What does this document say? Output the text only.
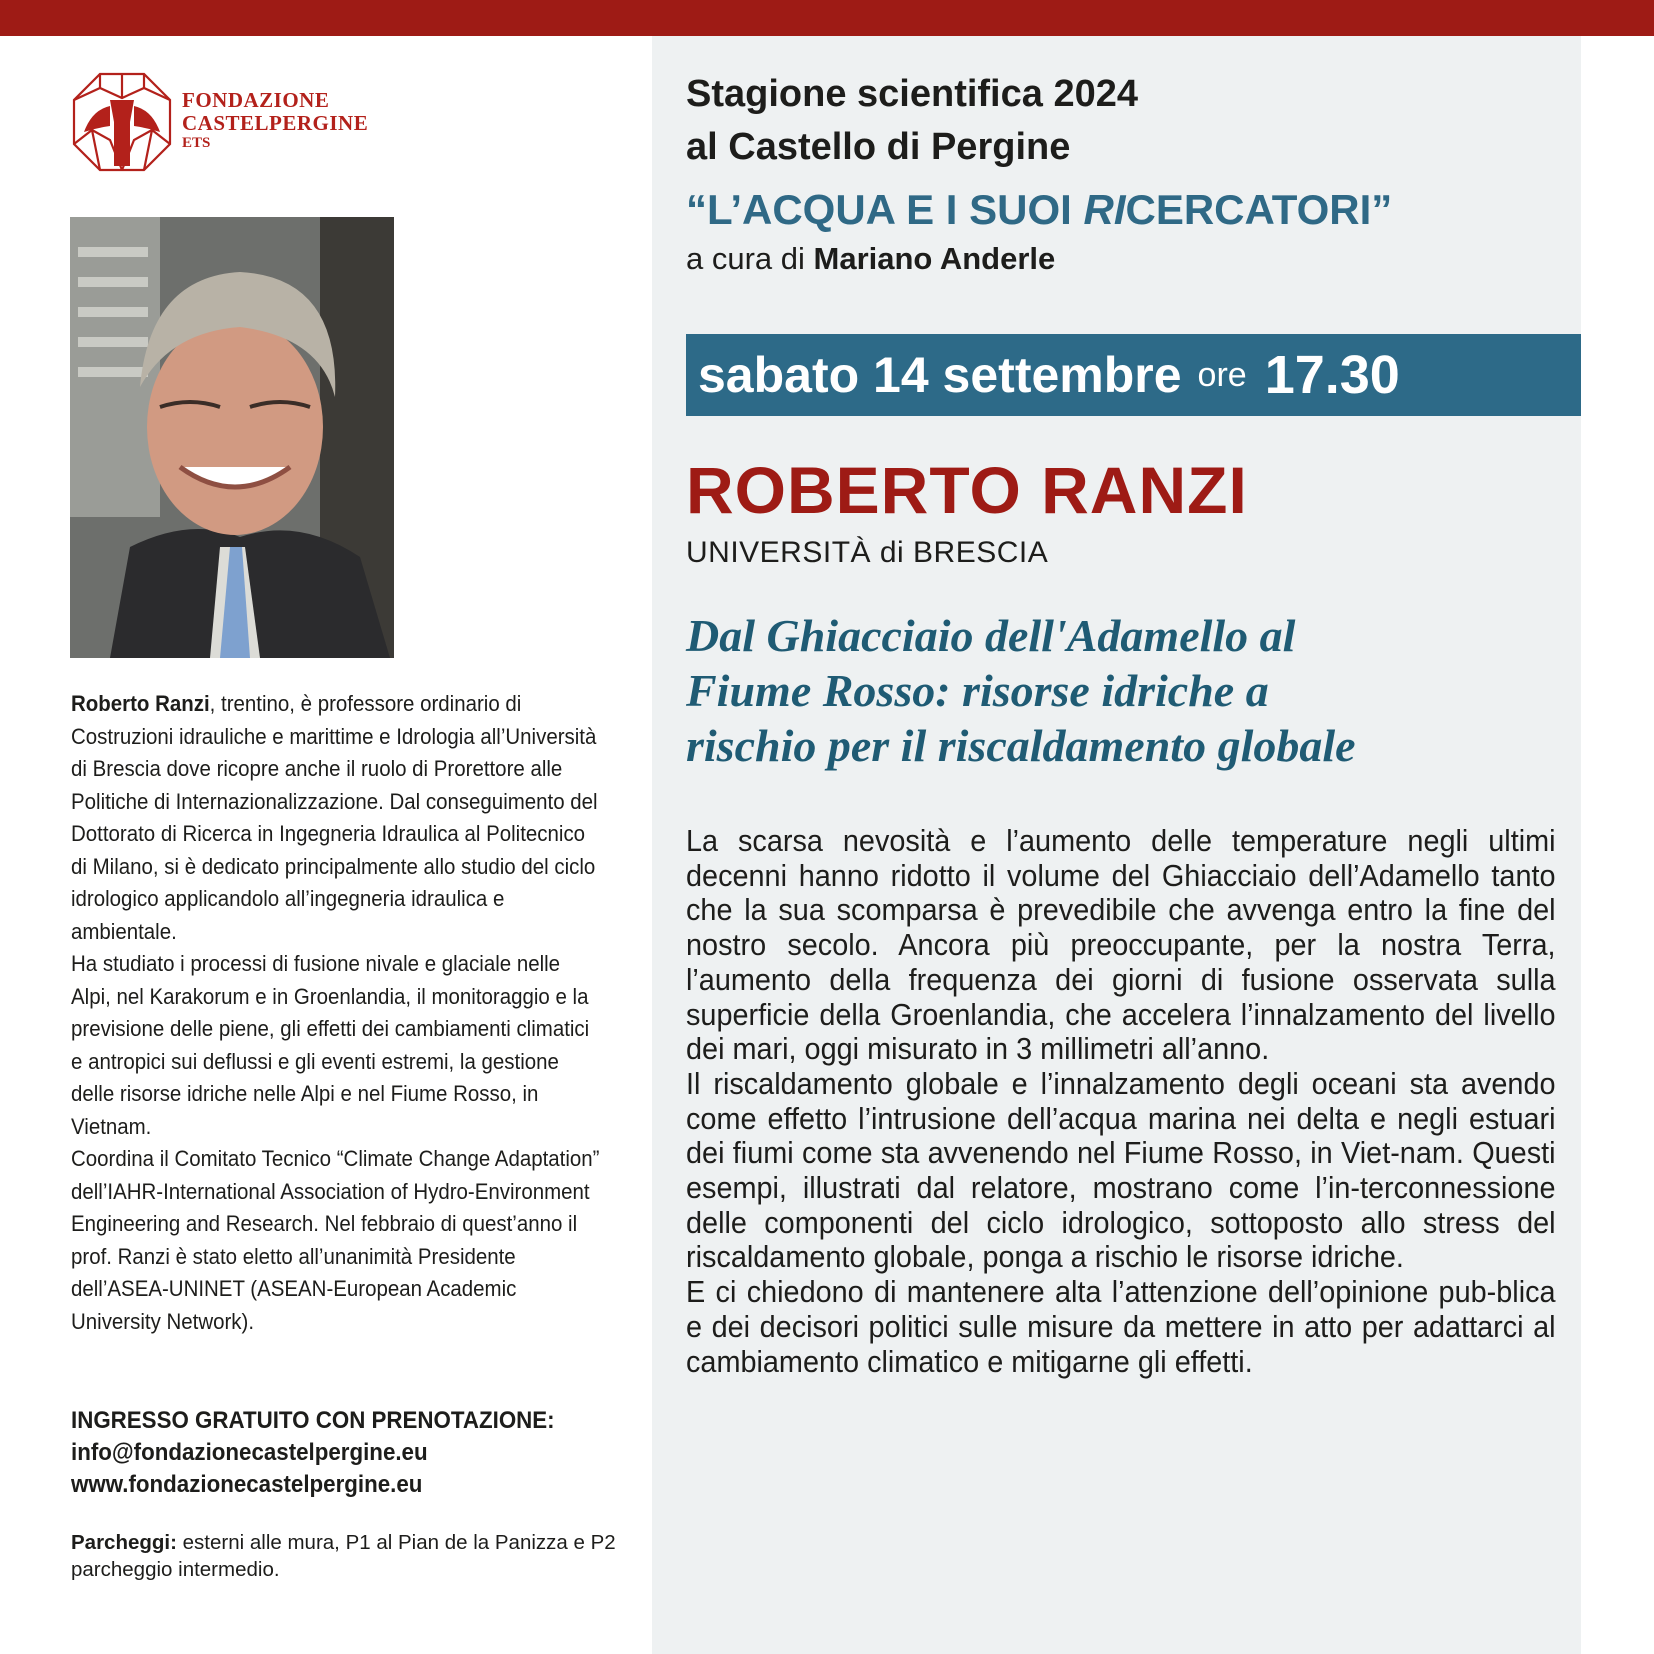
FONDAZIONE
CASTELPERGINE
ETS

Roberto Ranzi, trentino, è professore ordinario di Costruzioni idrauliche e marittime e Idrologia all’Università di Brescia dove ricopre anche il ruolo di Prorettore alle Politiche di Internazionalizzazione. Dal conseguimento del Dottorato di Ricerca in Ingegneria Idraulica al Politecnico di Milano, si è dedicato principalmente allo studio del ciclo idrologico applicandolo all’ingegneria idraulica e ambientale.

Ha studiato i processi di fusione nivale e glaciale nelle Alpi, nel Karakorum e in Groenlandia, il monitoraggio e la previsione delle piene, gli effetti dei cambiamenti climatici e antropici sui deflussi e gli eventi estremi, la gestione delle risorse idriche nelle Alpi e nel Fiume Rosso, in Vietnam.

Coordina il Comitato Tecnico “Climate Change Adaptation” dell’IAHR-International Association of Hydro-Environment Engineering and Research. Nel febbraio di quest’anno il prof. Ranzi è stato eletto all’unanimità Presidente dell’ASEA-UNINET (ASEAN-European Academic University Network).

INGRESSO GRATUITO CON PRENOTAZIONE:
info@fondazionecastelpergine.eu
www.fondazionecastelpergine.eu
Parcheggi: esterni alle mura, P1 al Pian de la Panizza e P2 parcheggio intermedio.
Stagione scientifica 2024
al Castello di Pergine
“L’ACQUA E I SUOI RICERCATORI”
a cura di Mariano Anderle
sabato 14 settembre ore 17.30
ROBERTO RANZI
UNIVERSITÀ di BRESCIA
Dal Ghiacciaio dell'Adamello al
Fiume Rosso: risorse idriche a
rischio per il riscaldamento globale

La scarsa nevosità e l’aumento delle temperature negli ultimi decenni hanno ridotto il volume del Ghiacciaio dell’Adamello tanto che la sua scomparsa è prevedibile che avvenga entro la fine del nostro secolo. Ancora più preoccupante, per la nostra Terra, l’aumento della frequenza dei giorni di fusione osservata sulla superficie della Groenlandia, che accelera l’innalzamento del livello dei mari, oggi misurato in 3 millimetri all’anno.

Il riscaldamento globale e l’innalzamento degli oceani sta avendo come effetto l’intrusione dell’acqua marina nei delta e negli estuari dei fiumi come sta avvenendo nel Fiume Rosso, in Viet-nam. Questi esempi, illustrati dal relatore, mostrano come l’in-terconnessione delle componenti del ciclo idrologico, sottoposto allo stress del riscaldamento globale, ponga a rischio le risorse idriche.

E ci chiedono di mantenere alta l’attenzione dell’opinione pub-blica e dei decisori politici sulle misure da mettere in atto per adattarci al cambiamento climatico e mitigarne gli effetti.
